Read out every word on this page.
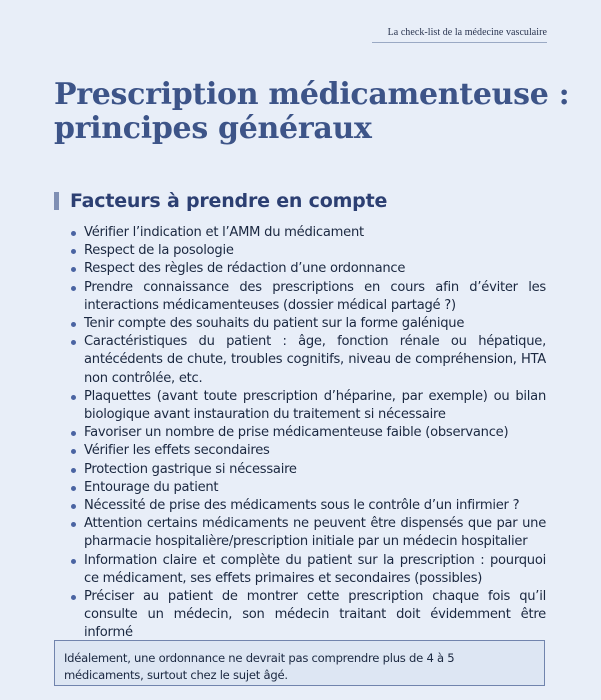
La check-list de la médecine vasculaire
Prescription médicamenteuse : principes généraux
Facteurs à prendre en compte
Vérifier l’indication et l’AMM du médicament
Respect de la posologie
Respect des règles de rédaction d’une ordonnance
Prendre connaissance des prescriptions en cours afin d’éviter les interactions médicamenteuses (dossier médical partagé ?)
Tenir compte des souhaits du patient sur la forme galénique
Caractéristiques du patient : âge, fonction rénale ou hépatique, antécédents de chute, troubles cognitifs, niveau de compréhension, HTA non contrôlée, etc.
Plaquettes (avant toute prescription d’héparine, par exemple) ou bilan biologique avant instauration du traitement si nécessaire
Favoriser un nombre de prise médicamenteuse faible (observance)
Vérifier les effets secondaires
Protection gastrique si nécessaire
Entourage du patient
Nécessité de prise des médicaments sous le contrôle d’un infirmier ?
Attention certains médicaments ne peuvent être dispensés que par une pharmacie hospitalière/prescription initiale par un médecin hospitalier
Information claire et complète du patient sur la prescription : pourquoi ce médicament, ses effets primaires et secondaires (possibles)
Préciser au patient de montrer cette prescription chaque fois qu’il consulte un médecin, son médecin traitant doit évidemment être informé
Idéalement, une ordonnance ne devrait pas comprendre plus de 4 à 5 médicaments, surtout chez le sujet âgé.
